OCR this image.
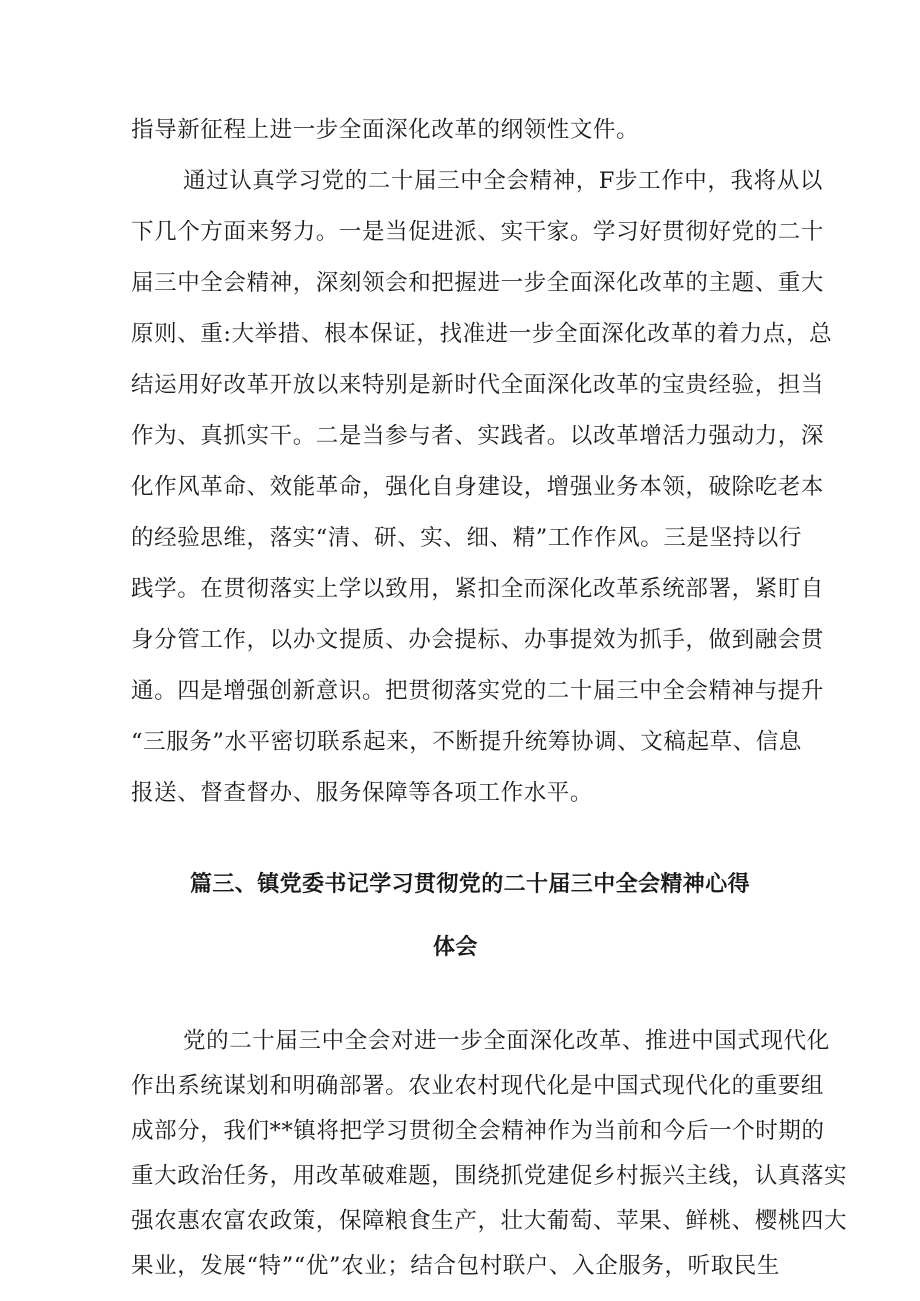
指导新征程上进一步全面深化改革的纲领性文件。
通过认真学习党的二十届三中全会精神，F步工作中，我将从以
下几个方面来努力。一是当促进派、实干家。学习好贯彻好党的二十
届三中全会精神，深刻领会和把握进一步全面深化改革的主题、重大
原则、重:大举措、根本保证，找准进一步全面深化改革的着力点，总
结运用好改革开放以来特别是新时代全面深化改革的宝贵经验，担当
作为、真抓实干。二是当参与者、实践者。以改革增活力强动力，深
化作风革命、效能革命，强化自身建设，增强业务本领，破除吃老本
的经验思维，落实“清、研、实、细、精”工作作风。三是坚持以行
践学。在贯彻落实上学以致用，紧扣全而深化改革系统部署，紧盯自
身分管工作，以办文提质、办会提标、办事提效为抓手，做到融会贯
通。四是增强创新意识。把贯彻落实党的二十届三中全会精神与提升
“三服务”水平密切联系起来，不断提升统筹协调、文稿起草、信息
报送、督查督办、服务保障等各项工作水平。
篇三、镇党委书记学习贯彻党的二十届三中全会精神心得
体会
党的二十届三中全会对进一步全面深化改革、推进中国式现代化
作出系统谋划和明确部署。农业农村现代化是中国式现代化的重要组
成部分，我们**镇将把学习贯彻全会精神作为当前和今后一个时期的
重大政治任务，用改革破难题，围绕抓党建促乡村振兴主线，认真落实
强农惠农富农政策，保障粮食生产，壮大葡萄、苹果、鲜桃、樱桃四大
果业，发展“特”“优”农业；结合包村联户、入企服务，听取民生
